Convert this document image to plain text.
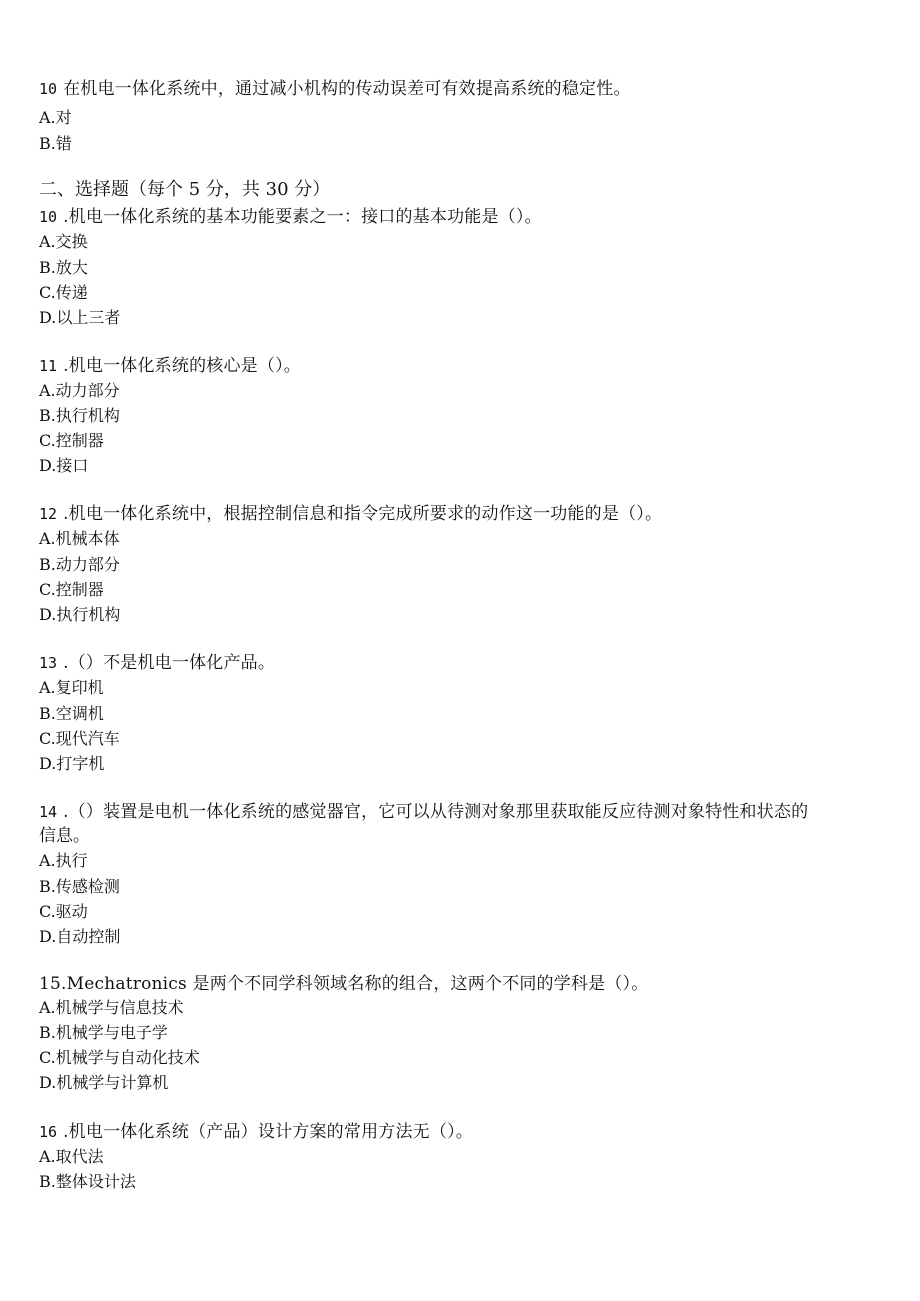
10 在机电一体化系统中，通过减小机构的传动误差可有效提高系统的稳定性。
A.对
B.错
二、选择题（每个 5 分，共 30 分）
10 .机电一体化系统的基本功能要素之一：接口的基本功能是（）。
A.交换
B.放大
C.传递
D.以上三者
11 .机电一体化系统的核心是（）。
A.动力部分
B.执行机构
C.控制器
D.接口
12 .机电一体化系统中，根据控制信息和指令完成所要求的动作这一功能的是（）。
A.机械本体
B.动力部分
C.控制器
D.执行机构
13 .（）不是机电一体化产品。
A.复印机
B.空调机
C.现代汽车
D.打字机
14 .（）装置是电机一体化系统的感觉器官，它可以从待测对象那里获取能反应待测对象特性和状态的
信息。
A.执行
B.传感检测
C.驱动
D.自动控制
15.Mechatronics 是两个不同学科领域名称的组合，这两个不同的学科是（）。
A.机械学与信息技术
B.机械学与电子学
C.机械学与自动化技术
D.机械学与计算机
16 .机电一体化系统（产品）设计方案的常用方法无（）。
A.取代法
B.整体设计法
